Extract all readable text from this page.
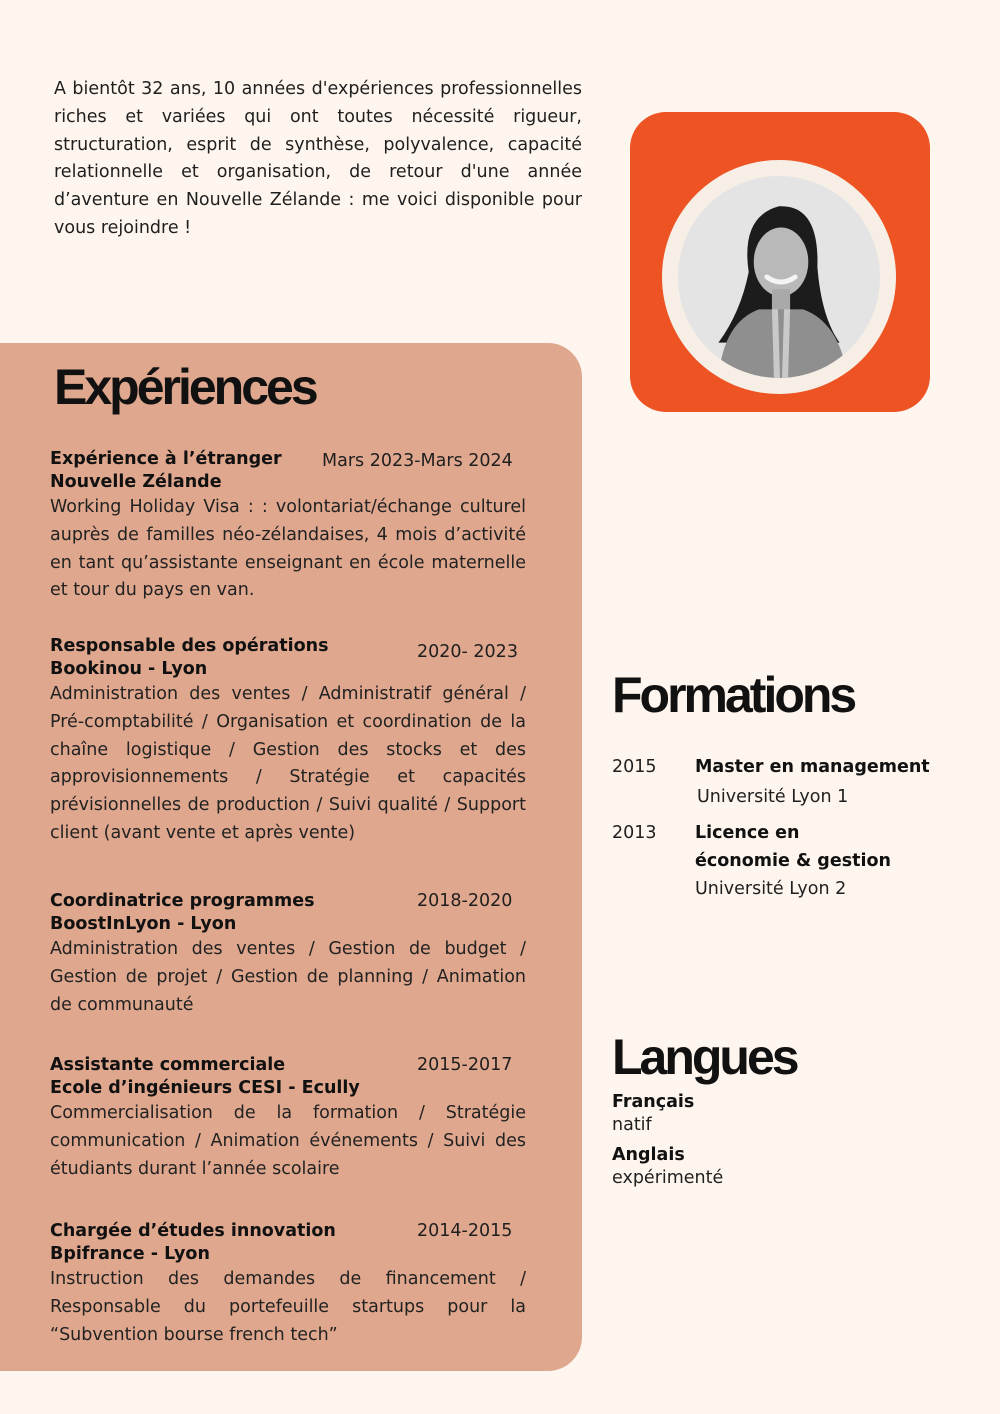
A bientôt 32 ans, 10 années d'expériences professionnelles riches et variées qui ont toutes nécessité rigueur, structuration, esprit de synthèse, polyvalence, capacité relationnelle et organisation, de retour d'une année d’aventure en Nouvelle Zélande : me voici disponible pour vous rejoindre !

Expériences
Expérience à l’étranger
Nouvelle Zélande
Mars 2023-Mars 2024

Working Holiday Visa : : volontariat/échange culturel auprès de familles néo-zélandaises, 4 mois d’activité en tant qu’assistante enseignant en école maternelle et tour du pays en van.

Responsable des opérations
Bookinou - Lyon
2020- 2023

Administration des ventes / Administratif général / Pré-comptabilité / Organisation et coordination de la chaîne logistique / Gestion des stocks et des approvisionnements / Stratégie et capacités prévisionnelles de production / Suivi qualité / Support client (avant vente et après vente)

Coordinatrice programmes
BoostInLyon - Lyon
2018-2020

Administration des ventes / Gestion de budget / Gestion de projet / Gestion de planning / Animation de communauté

Assistante commerciale
Ecole d’ingénieurs CESI - Ecully
2015-2017

Commercialisation de la formation / Stratégie communication / Animation événements / Suivi des étudiants durant l’année scolaire

Chargée d’études innovation
Bpifrance - Lyon
2014-2015

Instruction des demandes de financement / Responsable du portefeuille startups pour la “Subvention bourse french tech”

Formations
2015 Master en management
Université Lyon 1
2013 Licence en économie & gestion
Université Lyon 2
Langues
Français
natif
Anglais
expérimenté
